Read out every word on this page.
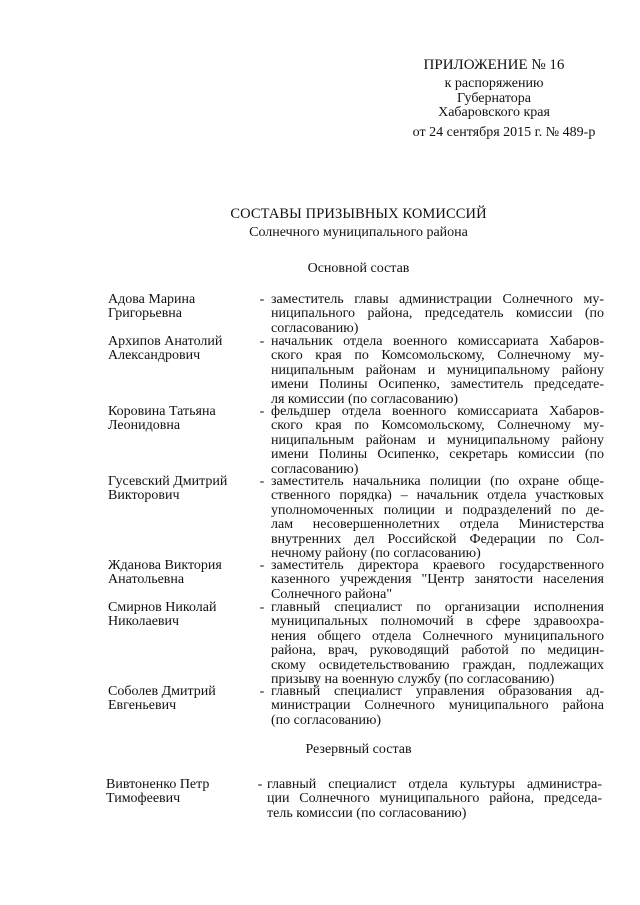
ПРИЛОЖЕНИЕ № 16
к распоряжению
Губернатора
Хабаровского края
от 24 сентября 2015 г. № 489-р
СОСТАВЫ ПРИЗЫВНЫХ КОМИССИЙ
Солнечного муниципального района
Основной состав
Адова Марина
Григорьевна
- заместитель главы администрации Солнечного му-
ниципального района, председатель комиссии (по
согласованию)
Архипов Анатолий
Александрович
- начальник отдела военного комиссариата Хабаров-
ского края по Комсомольскому, Солнечному му-
ниципальным районам и муниципальному району
имени Полины Осипенко, заместитель председате-
ля комиссии (по согласованию)
Коровина Татьяна
Леонидовна
- фельдшер отдела военного комиссариата Хабаров-
ского края по Комсомольскому, Солнечному му-
ниципальным районам и муниципальному району
имени Полины Осипенко, секретарь комиссии (по
согласованию)
Гусевский Дмитрий
Викторович
- заместитель начальника полиции (по охране обще-
ственного порядка) – начальник отдела участковых
уполномоченных полиции и подразделений по де-
лам несовершеннолетних отдела Министерства
внутренних дел Российской Федерации по Сол-
нечному району (по согласованию)
Жданова Виктория
Анатольевна
- заместитель директора краевого государственного
казенного учреждения "Центр занятости населения
Солнечного района"
Смирнов Николай
Николаевич
- главный специалист по организации исполнения
муниципальных полномочий в сфере здравоохра-
нения общего отдела Солнечного муниципального
района, врач, руководящий работой по медицин-
скому освидетельствованию граждан, подлежащих
призыву на военную службу (по согласованию)
Соболев Дмитрий
Евгеньевич
- главный специалист управления образования ад-
министрации Солнечного муниципального района
(по согласованию)
Резервный состав
Вивтоненко Петр
Тимофеевич
- главный специалист отдела культуры администра-
ции Солнечного муниципального района, председа-
тель комиссии (по согласованию)
